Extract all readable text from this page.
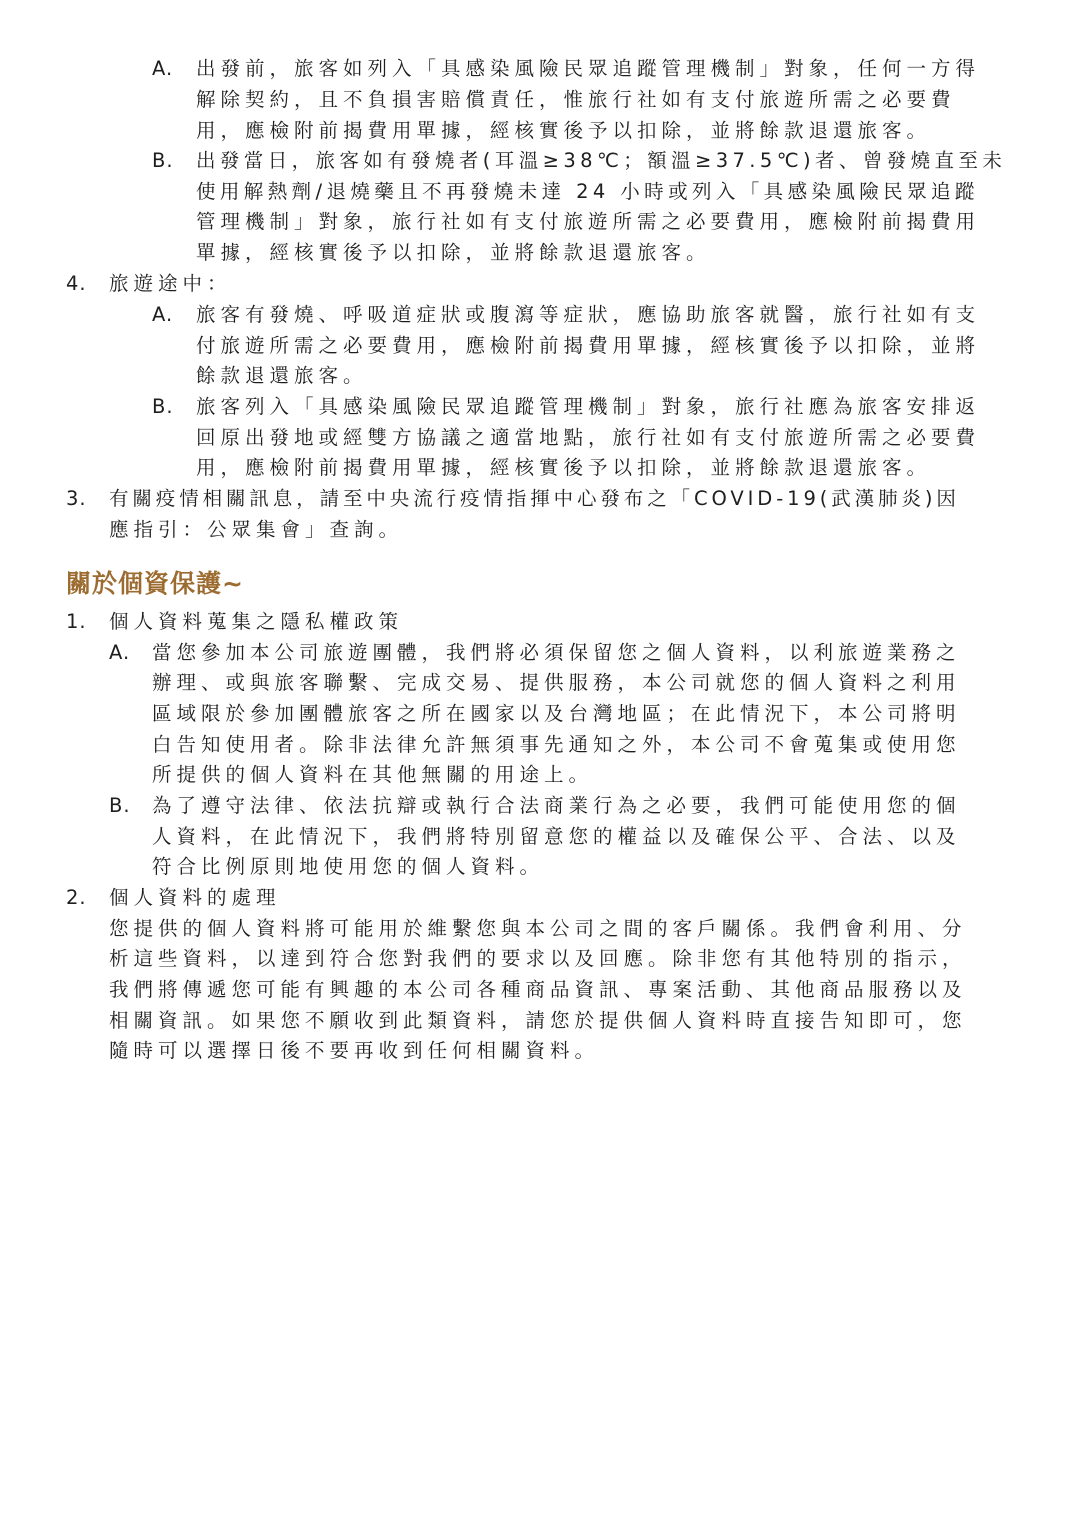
A. 出發前，旅客如列入「具感染風險民眾追蹤管理機制」對象，任何一方得
解除契約，且不負損害賠償責任，惟旅行社如有支付旅遊所需之必要費
用，應檢附前揭費用單據，經核實後予以扣除，並將餘款退還旅客。
B. 出發當日，旅客如有發燒者(耳溫≥38℃；額溫≥37.5℃)者、曾發燒直至未
使用解熱劑/退燒藥且不再發燒未達 24 小時或列入「具感染風險民眾追蹤
管理機制」對象，旅行社如有支付旅遊所需之必要費用，應檢附前揭費用
單據，經核實後予以扣除，並將餘款退還旅客。
4. 旅遊途中：
A. 旅客有發燒、呼吸道症狀或腹瀉等症狀，應協助旅客就醫，旅行社如有支
付旅遊所需之必要費用，應檢附前揭費用單據，經核實後予以扣除，並將
餘款退還旅客。
B. 旅客列入「具感染風險民眾追蹤管理機制」對象，旅行社應為旅客安排返
回原出發地或經雙方協議之適當地點，旅行社如有支付旅遊所需之必要費
用，應檢附前揭費用單據，經核實後予以扣除，並將餘款退還旅客。
3. 有關疫情相關訊息，請至中央流行疫情指揮中心發布之「COVID-19(武漢肺炎)因
應指引：公眾集會」查詢。
關於個資保護~
1. 個人資料蒐集之隱私權政策
A. 當您參加本公司旅遊團體，我們將必須保留您之個人資料，以利旅遊業務之
辦理、或與旅客聯繫、完成交易、提供服務，本公司就您的個人資料之利用
區域限於參加團體旅客之所在國家以及台灣地區；在此情況下，本公司將明
白告知使用者。除非法律允許無須事先通知之外，本公司不會蒐集或使用您
所提供的個人資料在其他無關的用途上。
B. 為了遵守法律、依法抗辯或執行合法商業行為之必要，我們可能使用您的個
人資料，在此情況下，我們將特別留意您的權益以及確保公平、合法、以及
符合比例原則地使用您的個人資料。
2. 個人資料的處理
您提供的個人資料將可能用於維繫您與本公司之間的客戶關係。我們會利用、分
析這些資料，以達到符合您對我們的要求以及回應。除非您有其他特別的指示，
我們將傳遞您可能有興趣的本公司各種商品資訊、專案活動、其他商品服務以及
相關資訊。如果您不願收到此類資料，請您於提供個人資料時直接告知即可，您
隨時可以選擇日後不要再收到任何相關資料。
